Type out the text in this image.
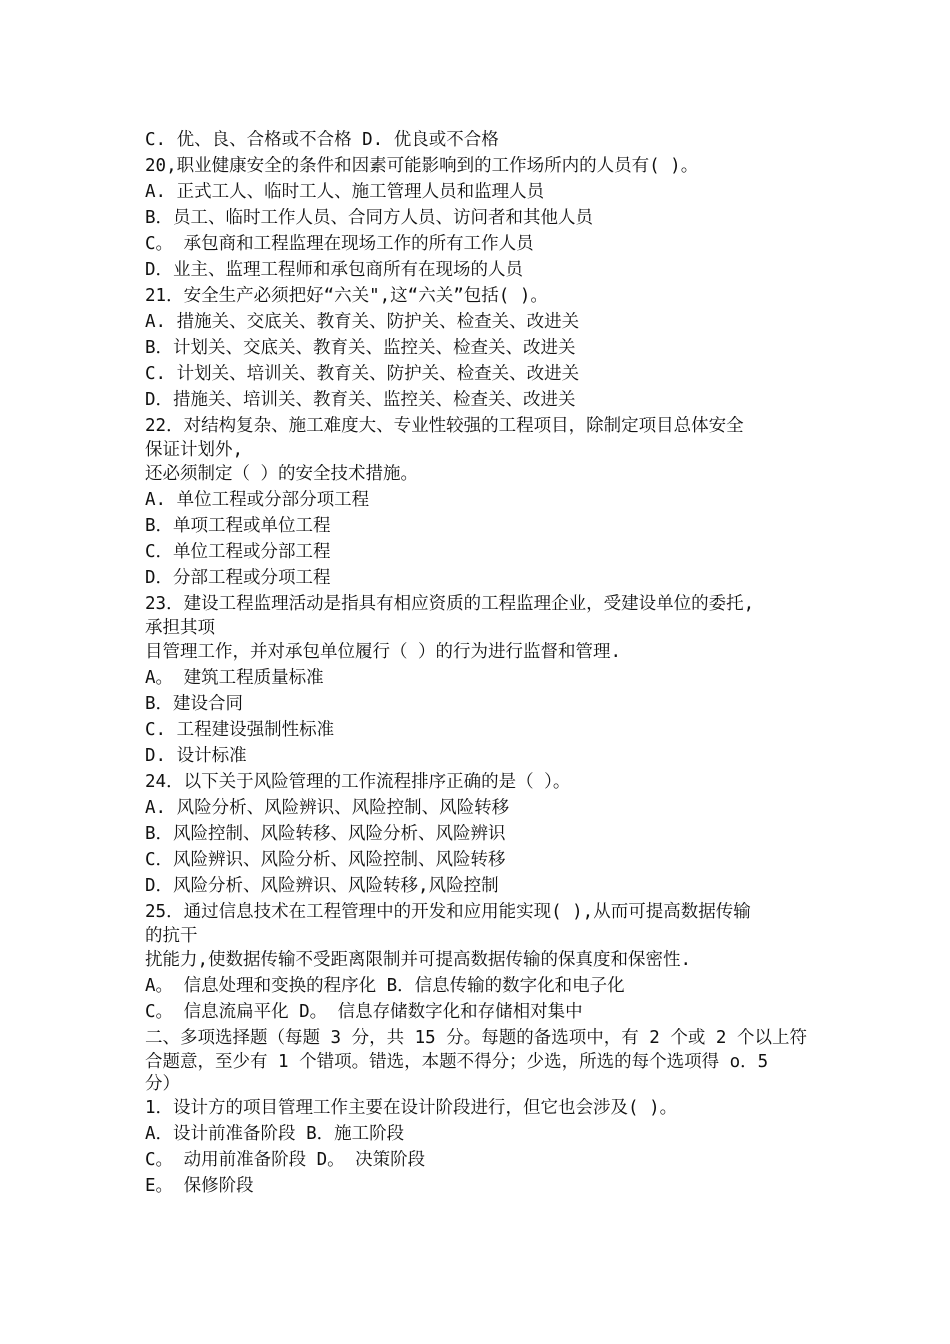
C. 优、良、合格或不合格 D. 优良或不合格
20,职业健康安全的条件和因素可能影响到的工作场所内的人员有( )。
A. 正式工人、临时工人、施工管理人员和监理人员
B．员工、临时工作人员、合同方人员、访问者和其他人员
C。 承包商和工程监理在现场工作的所有工作人员
D．业主、监理工程师和承包商所有在现场的人员
21．安全生产必须把好“六关",这“六关”包括( )。
A. 措施关、交底关、教育关、防护关、检查关、改进关
B．计划关、交底关、教育关、监控关、检查关、改进关
C. 计划关、培训关、教育关、防护关、检查关、改进关
D．措施关、培训关、教育关、监控关、检查关、改进关
22．对结构复杂、施工难度大、专业性较强的工程项目，除制定项目总体安全
保证计划外,
还必须制定（ ）的安全技术措施。
A. 单位工程或分部分项工程
B．单项工程或单位工程
C．单位工程或分部工程
D．分部工程或分项工程
23．建设工程监理活动是指具有相应资质的工程监理企业，受建设单位的委托,
承担其项
目管理工作，并对承包单位履行（ ）的行为进行监督和管理.
A。 建筑工程质量标准
B．建设合同
C. 工程建设强制性标准
D. 设计标准
24．以下关于风险管理的工作流程排序正确的是（ ）。
A. 风险分析、风险辨识、风险控制、风险转移
B．风险控制、风险转移、风险分析、风险辨识
C．风险辨识、风险分析、风险控制、风险转移
D．风险分析、风险辨识、风险转移,风险控制
25．通过信息技术在工程管理中的开发和应用能实现( ),从而可提高数据传输
的抗干
扰能力,使数据传输不受距离限制并可提高数据传输的保真度和保密性.
A。 信息处理和变换的程序化 B．信息传输的数字化和电子化
C。 信息流扁平化 D。 信息存储数字化和存储相对集中
二、多项选择题（每题 3 分，共 15 分。每题的备选项中，有 2 个或 2 个以上符
合题意，至少有 1 个错项。错选，本题不得分；少选，所选的每个选项得 o．5
分）
1．设计方的项目管理工作主要在设计阶段进行，但它也会涉及( )。
A．设计前准备阶段 B．施工阶段
C。 动用前准备阶段 D。 决策阶段
E。 保修阶段
